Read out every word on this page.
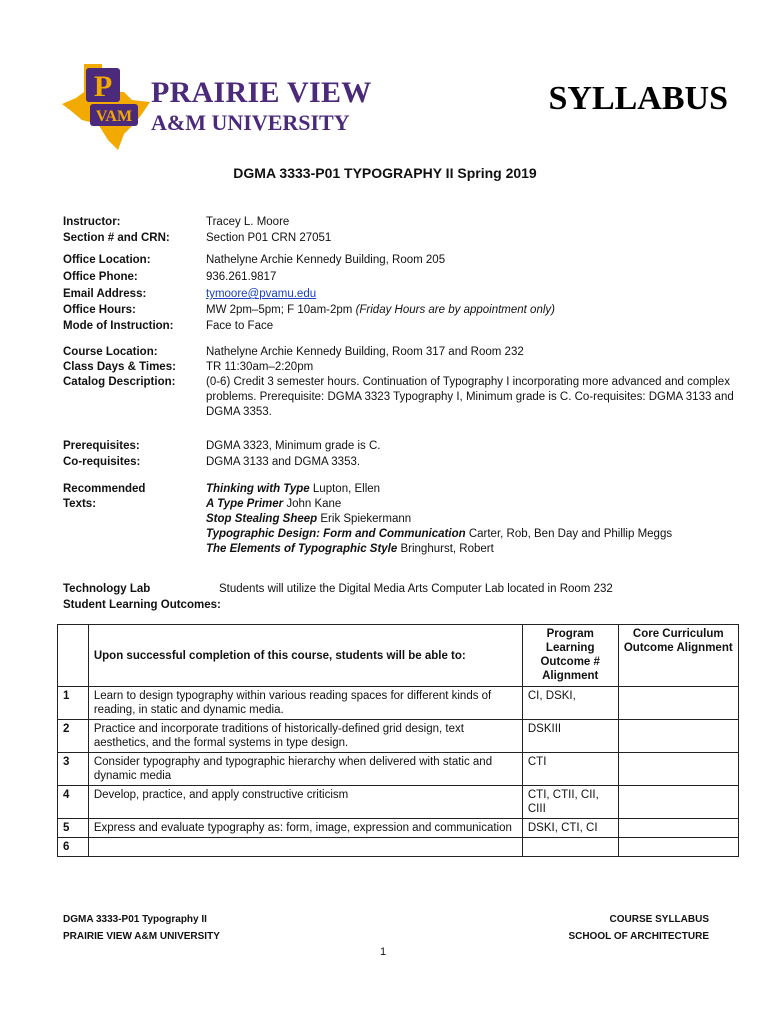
P
VAM
PRAIRIE VIEW
A&M UNIVERSITY
SYLLABUS
DGMA 3333-P01 TYPOGRAPHY II Spring 2019
Instructor:	Tracey L. Moore
Section # and CRN:	Section P01 CRN 27051
Office Location:	Nathelyne Archie Kennedy Building, Room 205
Office Phone:	936.261.9817
Email Address:	tymoore@pvamu.edu
Office Hours:	MW 2pm–5pm; F 10am-2pm (Friday Hours are by appointment only)
Mode of Instruction:	Face to Face
Course Location:	Nathelyne Archie Kennedy Building, Room 317 and Room 232
Class Days & Times:	TR 11:30am–2:20pm
Catalog Description:	(0-6) Credit 3 semester hours. Continuation of Typography I incorporating more advanced and complex problems. Prerequisite: DGMA 3323 Typography I, Minimum grade is C. Co-requisites: DGMA 3133 and DGMA 3353.
Prerequisites:	DGMA 3323, Minimum grade is C.
Co-requisites:	DGMA 3133 and DGMA 3353.
Recommended
Texts:
Thinking with Type Lupton, Ellen
A Type Primer John Kane
Stop Stealing Sheep Erik Spiekermann
Typographic Design: Form and Communication Carter, Rob, Ben Day and Phillip Meggs
The Elements of Typographic Style Bringhurst, Robert
Technology Lab	Students will utilize the Digital Media Arts Computer Lab located in Room 232
Student Learning Outcomes:
	Upon successful completion of this course, students will be able to:	Program Learning Outcome # Alignment	Core Curriculum Outcome Alignment
1	Learn to design typography within various reading spaces for different kinds of reading, in static and dynamic media.	CI, DSKI,	
2	Practice and incorporate traditions of historically-defined grid design, text aesthetics, and the formal systems in type design.	DSKIII	
3	Consider typography and typographic hierarchy when delivered with static and dynamic media	CTI	
4	Develop, practice, and apply constructive criticism	CTI, CTII, CII, CIII	
5	Express and evaluate typography as: form, image, expression and communication	DSKI, CTI, CI	
6			
DGMA 3333-P01 Typography II
PRAIRIE VIEW A&M UNIVERSITY
COURSE SYLLABUS
SCHOOL OF ARCHITECTURE
1
